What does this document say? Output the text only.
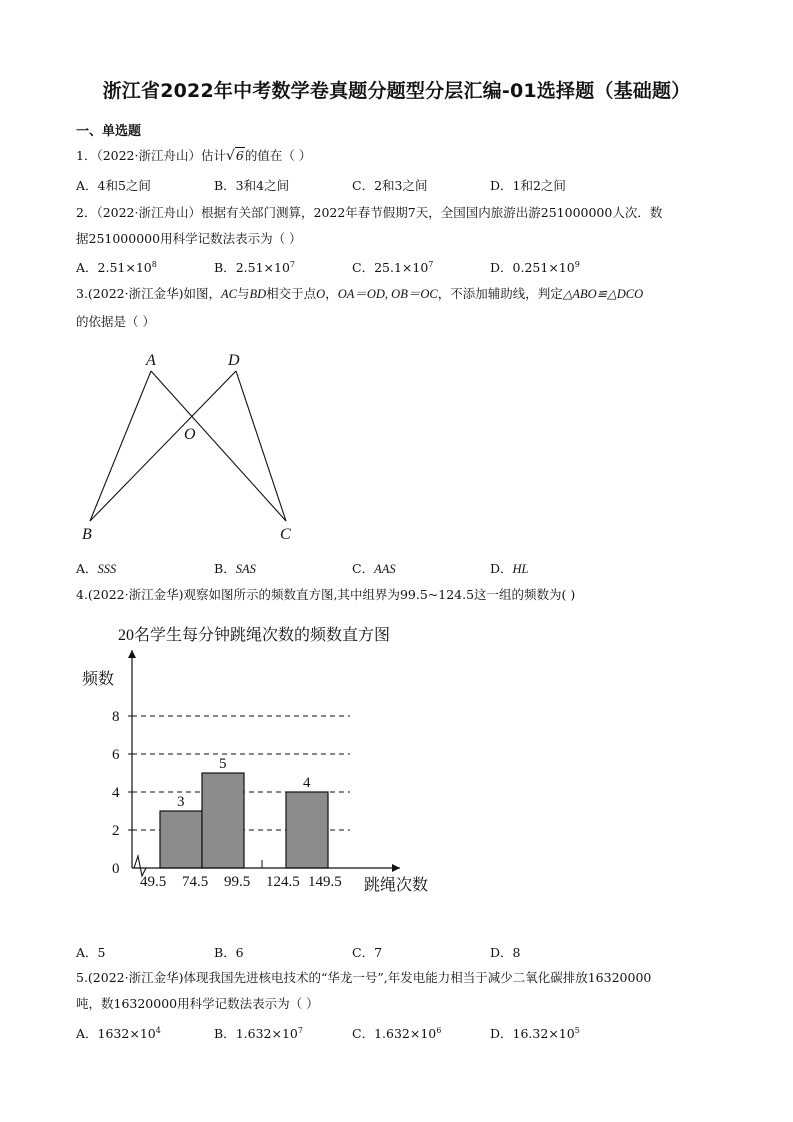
浙江省2022年中考数学卷真题分题型分层汇编-01选择题（基础题）
一、单选题
1．（2022·浙江舟山）估计√6的值在（ ）
A．4和5之间	B．3和4之间	C．2和3之间	D．1和2之间
2．（2022·浙江舟山）根据有关部门测算，2022年春节假期7天，全国国内旅游出游251000000人次．数
据251000000用科学记数法表示为（ ）
A．$2.51\times 10^8$	B．$2.51\times 10^7$	C．$25.1\times 10^7$	D．$0.251\times 10^9$
3.(2022·浙江金华)如图，AC与BD相交于点O，OA＝OD, OB＝OC，不添加辅助线，判定△ABO≌△DCO
的依据是（ ）
A	D
O
B	C
A．SSS	B．SAS	C．AAS	D．HL
4.(2022·浙江金华)观察如图所示的频数直方图,其中组界为99.5~124.5这一组的频数为( )
20名学生每分钟跳绳次数的频数直方图
频数
跳绳次数
0
2
4
6
8
49.5 74.5 99.5 124.5 149.5
3
5
4
A．5	B．6	C．7	D．8
5.(2022·浙江金华)体现我国先进核电技术的“华龙一号”,年发电能力相当于减少二氧化碳排放16320000
吨，数16320000用科学记数法表示为（ ）
A．$1632\times 10^4$	B．$1.632\times 10^7$	C．$1.632\times 10^6$	D．$16.32\times 10^5$
